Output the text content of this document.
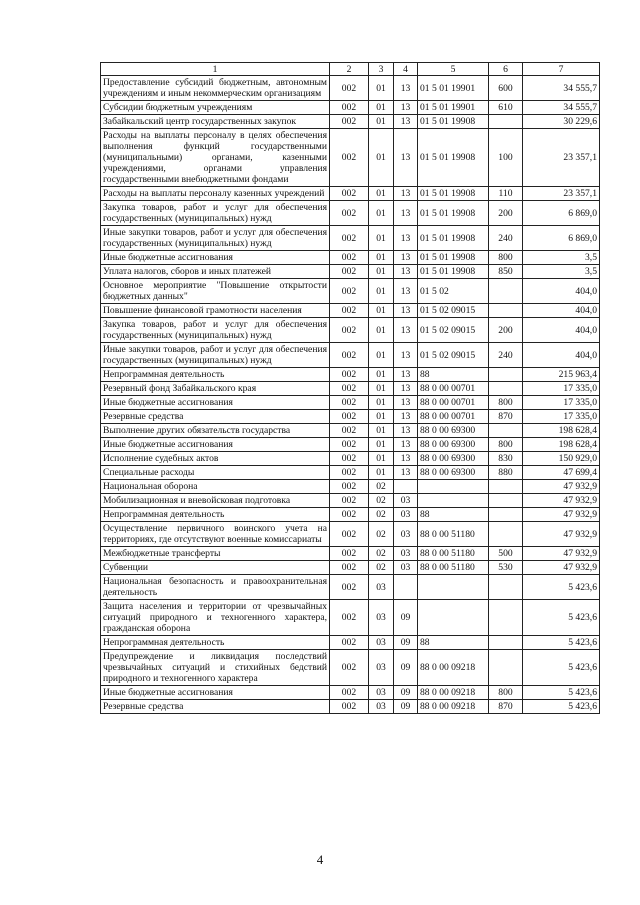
1	2	3	4	5	6	7
Предоставление субсидий бюджетным, автономным учреждениям и иным некоммерческим организациям	002	01	13	01 5 01 19901	600	34 555,7
Субсидии бюджетным учреждениям	002	01	13	01 5 01 19901	610	34 555,7
Забайкальский центр государственных закупок	002	01	13	01 5 01 19908		30 229,6
Расходы на выплаты персоналу в целях обеспечения выполнения функций государственными (муниципальными) органами, казенными учреждениями, органами управления государственными внебюджетными фондами	002	01	13	01 5 01 19908	100	23 357,1
Расходы на выплаты персоналу казенных учреждений	002	01	13	01 5 01 19908	110	23 357,1
Закупка товаров, работ и услуг для обеспечения государственных (муниципальных) нужд	002	01	13	01 5 01 19908	200	6 869,0
Иные закупки товаров, работ и услуг для обеспечения государственных (муниципальных) нужд	002	01	13	01 5 01 19908	240	6 869,0
Иные бюджетные ассигнования	002	01	13	01 5 01 19908	800	3,5
Уплата налогов, сборов и иных платежей	002	01	13	01 5 01 19908	850	3,5
Основное мероприятие "Повышение открытости бюджетных данных"	002	01	13	01 5 02		404,0
Повышение финансовой грамотности населения	002	01	13	01 5 02 09015		404,0
Закупка товаров, работ и услуг для обеспечения государственных (муниципальных) нужд	002	01	13	01 5 02 09015	200	404,0
Иные закупки товаров, работ и услуг для обеспечения государственных (муниципальных) нужд	002	01	13	01 5 02 09015	240	404,0
Непрограммная деятельность	002	01	13	88		215 963,4
Резервный фонд Забайкальского края	002	01	13	88 0 00 00701		17 335,0
Иные бюджетные ассигнования	002	01	13	88 0 00 00701	800	17 335,0
Резервные средства	002	01	13	88 0 00 00701	870	17 335,0
Выполнение других обязательств государства	002	01	13	88 0 00 69300		198 628,4
Иные бюджетные ассигнования	002	01	13	88 0 00 69300	800	198 628,4
Исполнение судебных актов	002	01	13	88 0 00 69300	830	150 929,0
Специальные расходы	002	01	13	88 0 00 69300	880	47 699,4
Национальная оборона	002	02				47 932,9
Мобилизационная и вневойсковая подготовка	002	02	03			47 932,9
Непрограммная деятельность	002	02	03	88		47 932,9
Осуществление первичного воинского учета на территориях, где отсутствуют военные комиссариаты	002	02	03	88 0 00 51180		47 932,9
Межбюджетные трансферты	002	02	03	88 0 00 51180	500	47 932,9
Субвенции	002	02	03	88 0 00 51180	530	47 932,9
Национальная безопасность и правоохранительная деятельность	002	03				5 423,6
Защита населения и территории от чрезвычайных ситуаций природного и техногенного характера, гражданская оборона	002	03	09			5 423,6
Непрограммная деятельность	002	03	09	88		5 423,6
Предупреждение и ликвидация последствий чрезвычайных ситуаций и стихийных бедствий природного и техногенного характера	002	03	09	88 0 00 09218		5 423,6
Иные бюджетные ассигнования	002	03	09	88 0 00 09218	800	5 423,6
Резервные средства	002	03	09	88 0 00 09218	870	5 423,6
4
